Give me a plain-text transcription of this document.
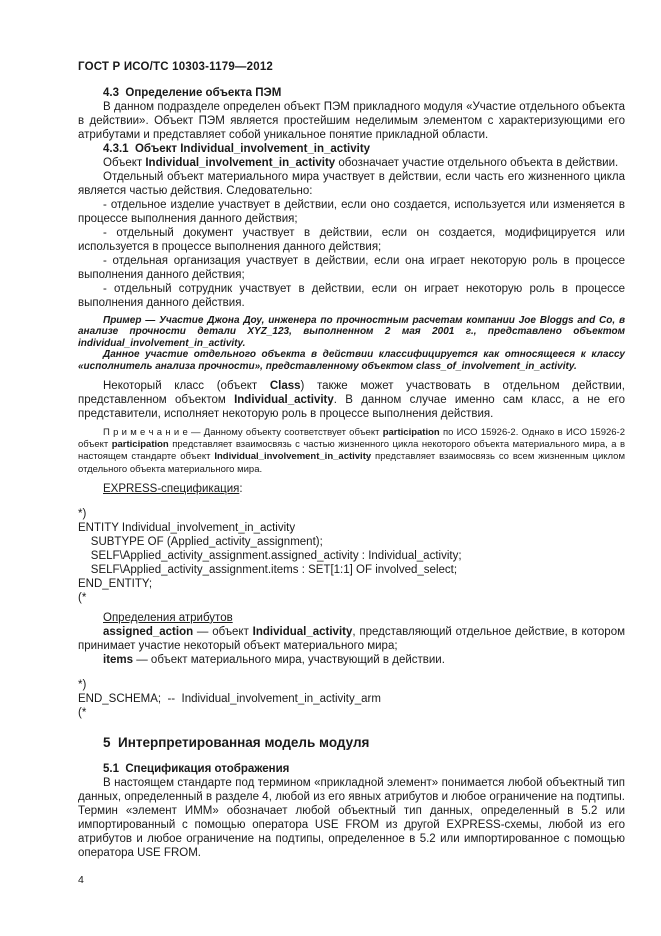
ГОСТ Р ИСО/ТС 10303-1179—2012
4.3  Определение объекта ПЭМ
В данном подразделе определен объект ПЭМ прикладного модуля «Участие отдельного объекта в действии». Объект ПЭМ является простейшим неделимым элементом с характеризующими его атрибутами и представляет собой уникальное понятие прикладной области.
4.3.1  Объект Individual_involvement_in_activity
Объект Individual_involvement_in_activity обозначает участие отдельного объекта в действии.
Отдельный объект материального мира участвует в действии, если часть его жизненного цикла является частью действия. Следовательно:
- отдельное изделие участвует в действии, если оно создается, используется или изменяется в процессе выполнения данного действия;
- отдельный документ участвует в действии, если он создается, модифицируется или используется в процессе выполнения данного действия;
- отдельная организация участвует в действии, если она играет некоторую роль в процессе выполнения данного действия;
- отдельный сотрудник участвует в действии, если он играет некоторую роль в процессе выполнения данного действия.
Пример — Участие Джона Доу, инженера по прочностным расчетам компании Joe Bloggs and Co, в анализе прочности детали XYZ_123, выполненном 2 мая 2001 г., представлено объектом individual_involvement_in_activity.
Данное участие отдельного объекта в действии классифицируется как относящееся к классу «исполнитель анализа прочности», представленному объектом class_of_involvement_in_activity.
Некоторый класс (объект Class) также может участвовать в отдельном действии, представленном объектом Individual_activity. В данном случае именно сам класс, а не его представители, исполняет некоторую роль в процессе выполнения действия.
П р и м е ч а н и е — Данному объекту соответствует объект participation по ИСО 15926-2. Однако в ИСО 15926-2 объект participation представляет взаимосвязь с частью жизненного цикла некоторого объекта материального мира, а в настоящем стандарте объект Individual_involvement_in_activity представляет взаимосвязь со всем жизненным циклом отдельного объекта материального мира.
EXPRESS-спецификация:
*)
ENTITY Individual_involvement_in_activity
SUBTYPE OF (Applied_activity_assignment);
SELF\Applied_activity_assignment.assigned_activity : Individual_activity;
SELF\Applied_activity_assignment.items : SET[1:1] OF involved_select;
END_ENTITY;
(*
Определения атрибутов
assigned_action — объект Individual_activity, представляющий отдельное действие, в котором принимает участие некоторый объект материального мира;
items — объект материального мира, участвующий в действии.
*)
END_SCHEMA;  --  Individual_involvement_in_activity_arm
(*
5  Интерпретированная модель модуля
5.1  Спецификация отображения
В настоящем стандарте под термином «прикладной элемент» понимается любой объектный тип данных, определенный в разделе 4, любой из его явных атрибутов и любое ограничение на подтипы. Термин «элемент ИММ» обозначает любой объектный тип данных, определенный в 5.2 или импортированный с помощью оператора USE FROM из другой EXPRESS-схемы, любой из его атрибутов и любое ограничение на подтипы, определенное в 5.2 или импортированное с помощью оператора USE FROM.
4
